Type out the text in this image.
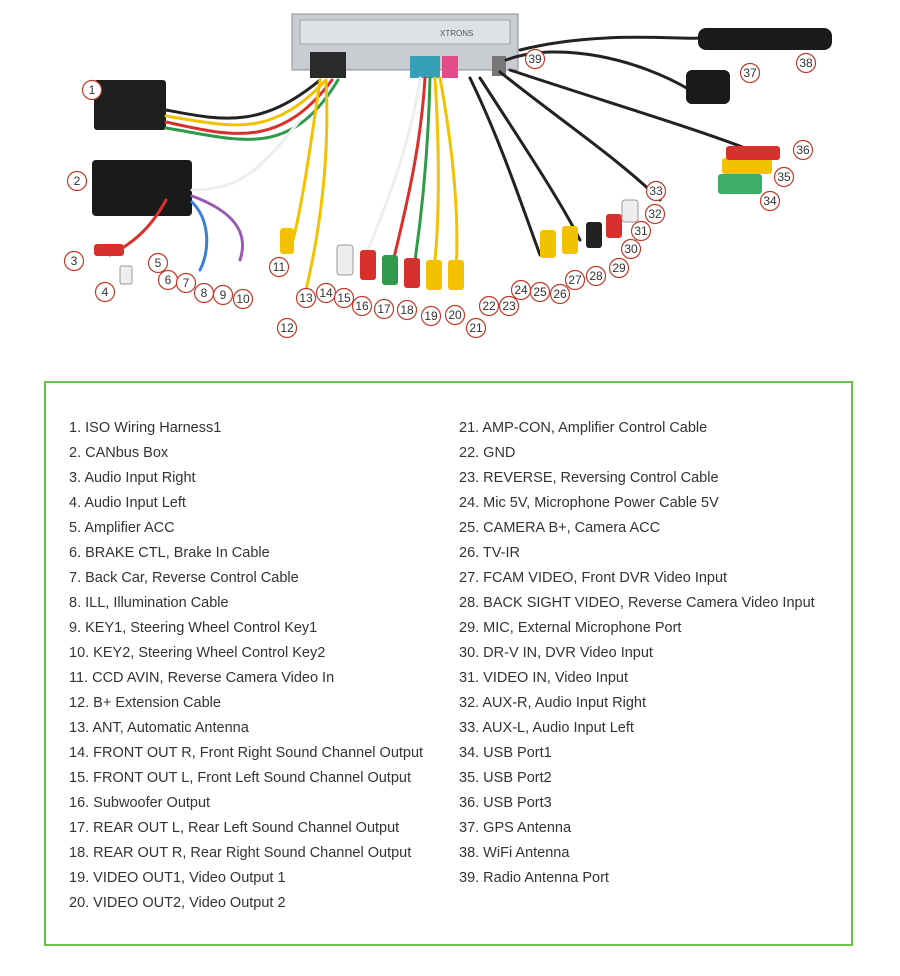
XTRONS
1
2
3
4
5
6 7
8 9 10
11
12
13 14 15
16 17 18 19 20
21
22 23
24 25 26
27 28
29
30
31
32
33
34
35
36
37
38
39
1. ISO Wiring Harness1
2. CANbus Box
3. Audio Input Right
4. Audio Input Left
5. Amplifier ACC
6. BRAKE CTL, Brake In Cable
7. Back Car, Reverse Control Cable
8. ILL, Illumination Cable
9. KEY1, Steering Wheel Control Key1
10. KEY2, Steering Wheel Control Key2
11. CCD AVIN, Reverse Camera Video In
12. B+ Extension Cable
13. ANT, Automatic Antenna
14. FRONT OUT R, Front Right Sound Channel Output
15. FRONT OUT L, Front Left Sound Channel Output
16. Subwoofer Output
17. REAR OUT L, Rear Left Sound Channel Output
18. REAR OUT R, Rear Right Sound Channel Output
19. VIDEO OUT1, Video Output 1
20. VIDEO OUT2, Video Output 2
21. AMP-CON, Amplifier Control Cable
22. GND
23. REVERSE, Reversing Control Cable
24. Mic 5V, Microphone Power Cable 5V
25. CAMERA B+, Camera ACC
26. TV-IR
27. FCAM VIDEO, Front DVR Video Input
28. BACK SIGHT VIDEO, Reverse Camera Video Input
29. MIC, External Microphone Port
30. DR-V IN, DVR Video Input
31. VIDEO IN, Video Input
32. AUX-R, Audio Input Right
33. AUX-L, Audio Input Left
34. USB Port1
35. USB Port2
36. USB Port3
37. GPS Antenna
38. WiFi Antenna
39. Radio Antenna Port
